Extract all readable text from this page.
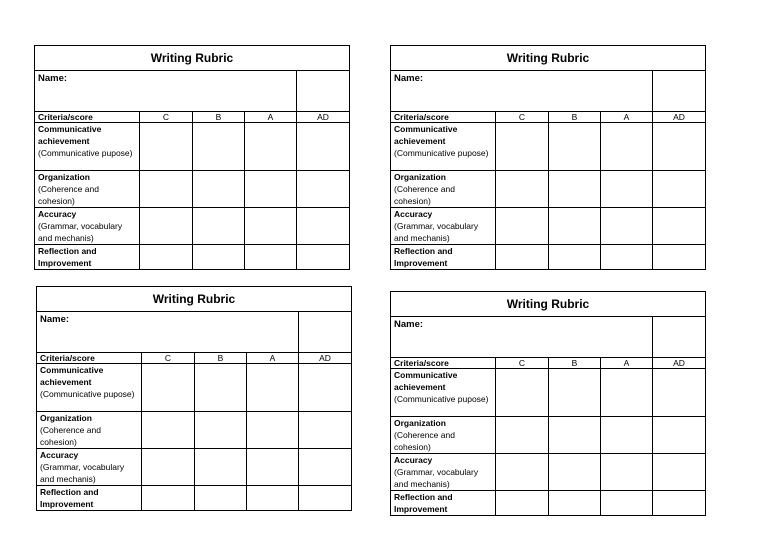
Writing Rubric				
Name:				
Criteria/score	C	B	A	AD

Communicative achievement
(Communicative pupose)				

Organization
(Coherence and cohesion)				

Accuracy
(Grammar, vocabulary and mechanis)				

Reflection and Improvement				

Writing Rubric				
Name:				
Criteria/score	C	B	A	AD

Communicative achievement
(Communicative pupose)				

Organization
(Coherence and cohesion)				

Accuracy
(Grammar, vocabulary and mechanis)				

Reflection and Improvement				

Writing Rubric				
Name:				
Criteria/score	C	B	A	AD

Communicative achievement
(Communicative pupose)				

Organization
(Coherence and cohesion)				

Accuracy
(Grammar, vocabulary and mechanis)				

Reflection and Improvement				

Writing Rubric				
Name:				
Criteria/score	C	B	A	AD

Communicative achievement
(Communicative pupose)				

Organization
(Coherence and cohesion)				

Accuracy
(Grammar, vocabulary and mechanis)				

Reflection and Improvement				
